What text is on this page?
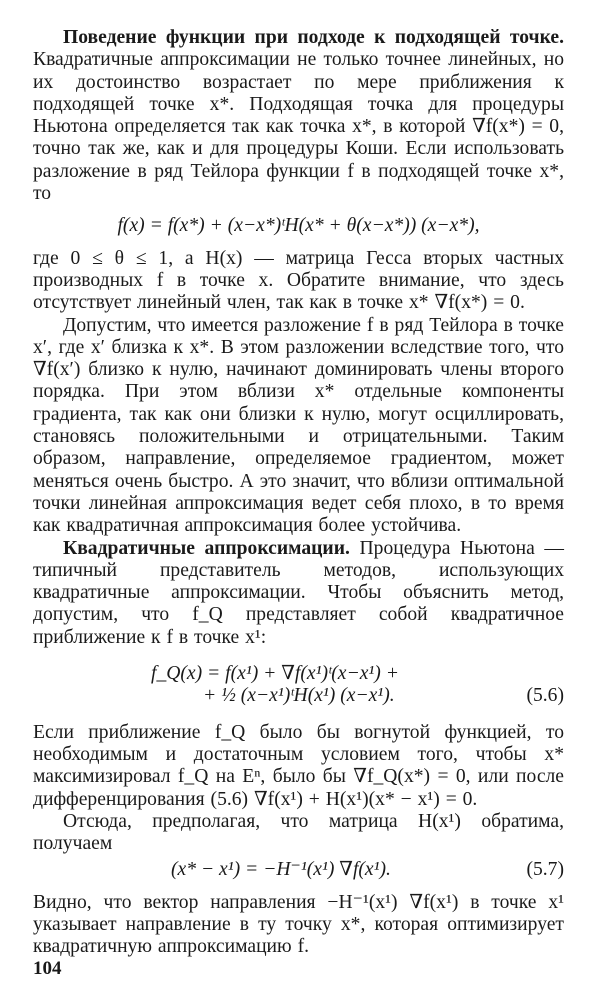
Поведение функции при подходе к подходящей точке. Квадратичные аппроксимации не только точнее линейных, но их достоинство возрастает по мере приближения к подходящей точке x*. Подходящая точка для процедуры Ньютона определяется так как точка x*, в которой ∇f(x*) = 0, точно так же, как и для процедуры Коши. Если использовать разложение в ряд Тейлора функции f в подходящей точке x*, то

f(x) = f(x*) + (x−x*)ᵗH(x* + θ(x−x*)) (x−x*),

где 0 ≤ θ ≤ 1, а H(x) — матрица Гесса вторых частных производных f в точке x. Обратите внимание, что здесь отсутствует линейный член, так как в точке x* ∇f(x*) = 0.

Допустим, что имеется разложение f в ряд Тейлора в точке x′, где x′ близка к x*. В этом разложении вследствие того, что ∇f(x′) близко к нулю, начинают доминировать члены второго порядка. При этом вблизи x* отдельные компоненты градиента, так как они близки к нулю, могут осциллировать, становясь положительными и отрицательными. Таким образом, направление, определяемое градиентом, может меняться очень быстро. А это значит, что вблизи оптимальной точки линейная аппроксимация ведет себя плохо, в то время как квадратичная аппроксимация более устойчива.

Квадратичные аппроксимации. Процедура Ньютона — типичный представитель методов, использующих квадратичные аппроксимации. Чтобы объяснить метод, допустим, что f_Q представляет собой квадратичное приближение к f в точке x¹:

f_Q(x) = f(x¹) + ∇f(x¹)ᵗ(x−x¹) +

+ ½ (x−x¹)ᵗH(x¹) (x−x¹).	(5.6)

Если приближение f_Q было бы вогнутой функцией, то необходимым и достаточным условием того, чтобы x* максимизировал f_Q на Eⁿ, было бы ∇f_Q(x*) = 0, или после дифференцирования (5.6) ∇f(x¹) + H(x¹)(x* − x¹) = 0.

Отсюда, предполагая, что матрица H(x¹) обратима, получаем

(x* − x¹) = −H⁻¹(x¹) ∇f(x¹).	(5.7)

Видно, что вектор направления −H⁻¹(x¹) ∇f(x¹) в точке x¹ указывает направление в ту точку x*, которая оптимизирует квадратичную аппроксимацию f.

104
